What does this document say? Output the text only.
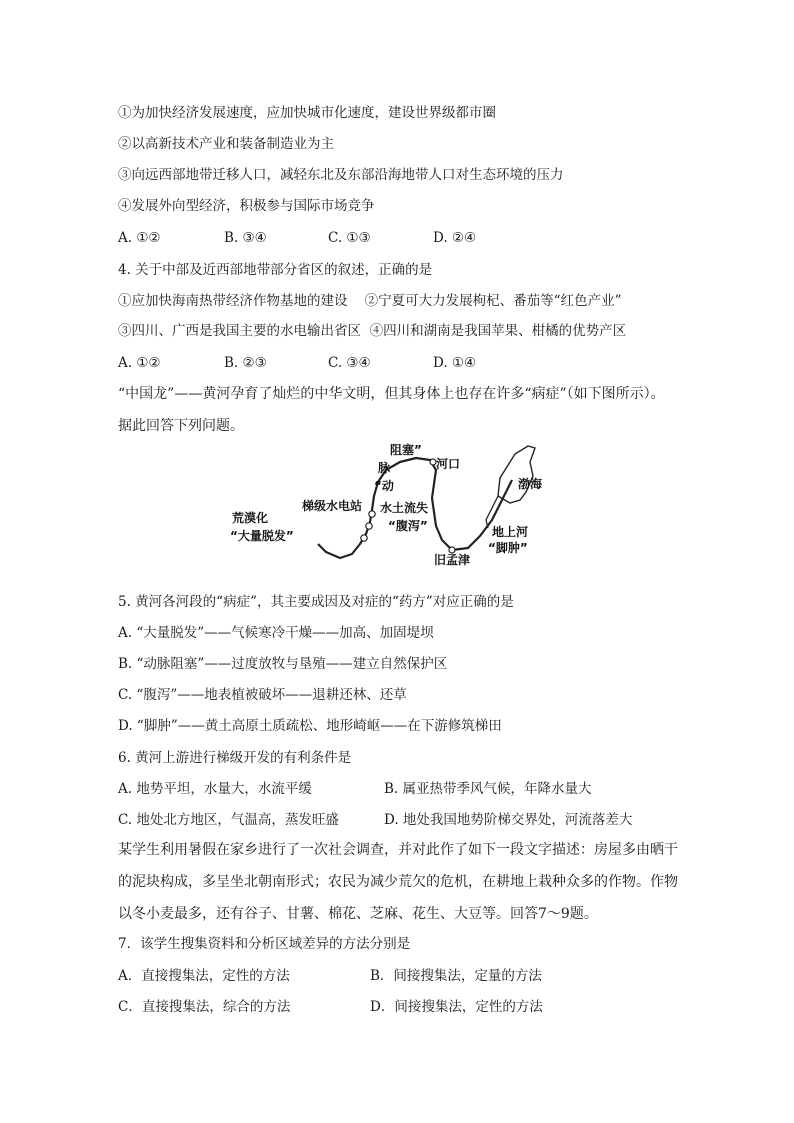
①为加快经济发展速度，应加快城市化速度，建设世界级都市圈
②以高新技术产业和装备制造业为主
③向远西部地带迁移人口，减轻东北及东部沿海地带人口对生态环境的压力
④发展外向型经济，积极参与国际市场竞争
A. ①②	B. ③④	C. ①③	D. ②④
4. 关于中部及近西部地带部分省区的叙述，正确的是
①应加快海南热带经济作物基地的建设    ②宁夏可大力发展枸杞、番茄等“红色产业”
③四川、广西是我国主要的水电输出省区  ④四川和湖南是我国苹果、柑橘的优势产区
A. ①②	B. ②③	C. ③④	D. ①④
“中国龙”——黄河孕育了灿烂的中华文明，但其身体上也存在许多“病症”（如下图所示）。据此回答下列问题。
阻塞”
脉
“动
河口
渤海
梯级水电站
荒漠化
“大量脱发”
水土流失
“腹泻”	地上河
“脚肿”
旧孟津
5. 黄河各河段的“病症”，其主要成因及对症的“药方”对应正确的是
A. “大量脱发”——气候寒冷干燥——加高、加固堤坝
B. “动脉阻塞”——过度放牧与垦殖——建立自然保护区
C. “腹泻”——地表植被破坏——退耕还林、还草
D. “脚肿”——黄土高原土质疏松、地形崎岖——在下游修筑梯田
6. 黄河上游进行梯级开发的有利条件是
A. 地势平坦，水量大，水流平缓	B. 属亚热带季风气候，年降水量大
C. 地处北方地区，气温高，蒸发旺盛	D. 地处我国地势阶梯交界处，河流落差大
某学生利用暑假在家乡进行了一次社会调查，并对此作了如下一段文字描述：房屋多由晒干的泥块构成，多呈坐北朝南形式；农民为减少荒欠的危机，在耕地上栽种众多的作物。作物以冬小麦最多，还有谷子、甘薯、棉花、芝麻、花生、大豆等。回答7～9题。
7．该学生搜集资料和分析区域差异的方法分别是
A．直接搜集法，定性的方法	B．间接搜集法，定量的方法
C．直接搜集法，综合的方法	D．间接搜集法，定性的方法
